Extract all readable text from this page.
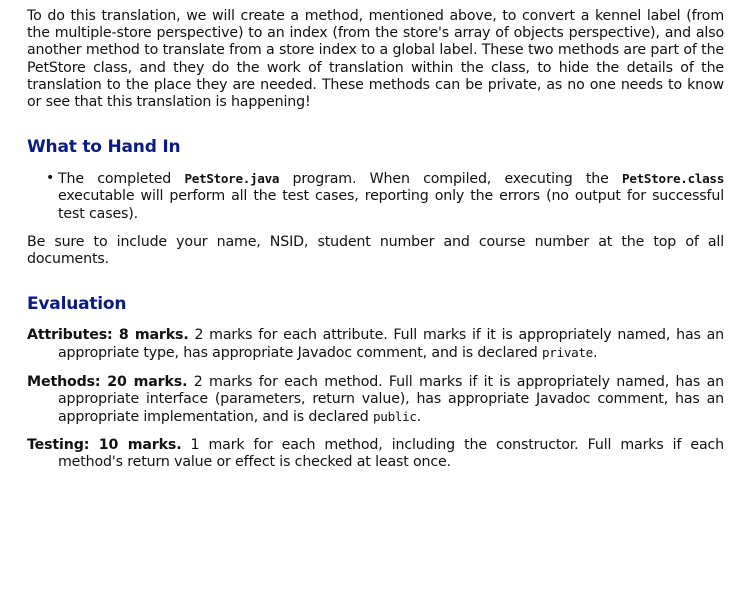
To do this translation, we will create a method, mentioned above, to convert a kennel label (from the multiple-store perspective) to an index (from the store's array of objects perspective), and also another method to translate from a store index to a global label. These two methods are part of the PetStore class, and they do the work of translation within the class, to hide the details of the translation to the place they are needed. These methods can be private, as no one needs to know or see that this translation is happening!

What to Hand In
• The completed PetStore.java program. When compiled, executing the PetStore.class executable will perform all the test cases, reporting only the errors (no output for successful test cases).

Be sure to include your name, NSID, student number and course number at the top of all documents.

Evaluation

Attributes: 8 marks. 2 marks for each attribute. Full marks if it is appropriately named, has an appropriate type, has appropriate Javadoc comment, and is declared private.

Methods: 20 marks. 2 marks for each method. Full marks if it is appropriately named, has an appropriate interface (parameters, return value), has appropriate Javadoc comment, has an appropriate implementation, and is declared public.

Testing: 10 marks. 1 mark for each method, including the constructor. Full marks if each method's return value or effect is checked at least once.
